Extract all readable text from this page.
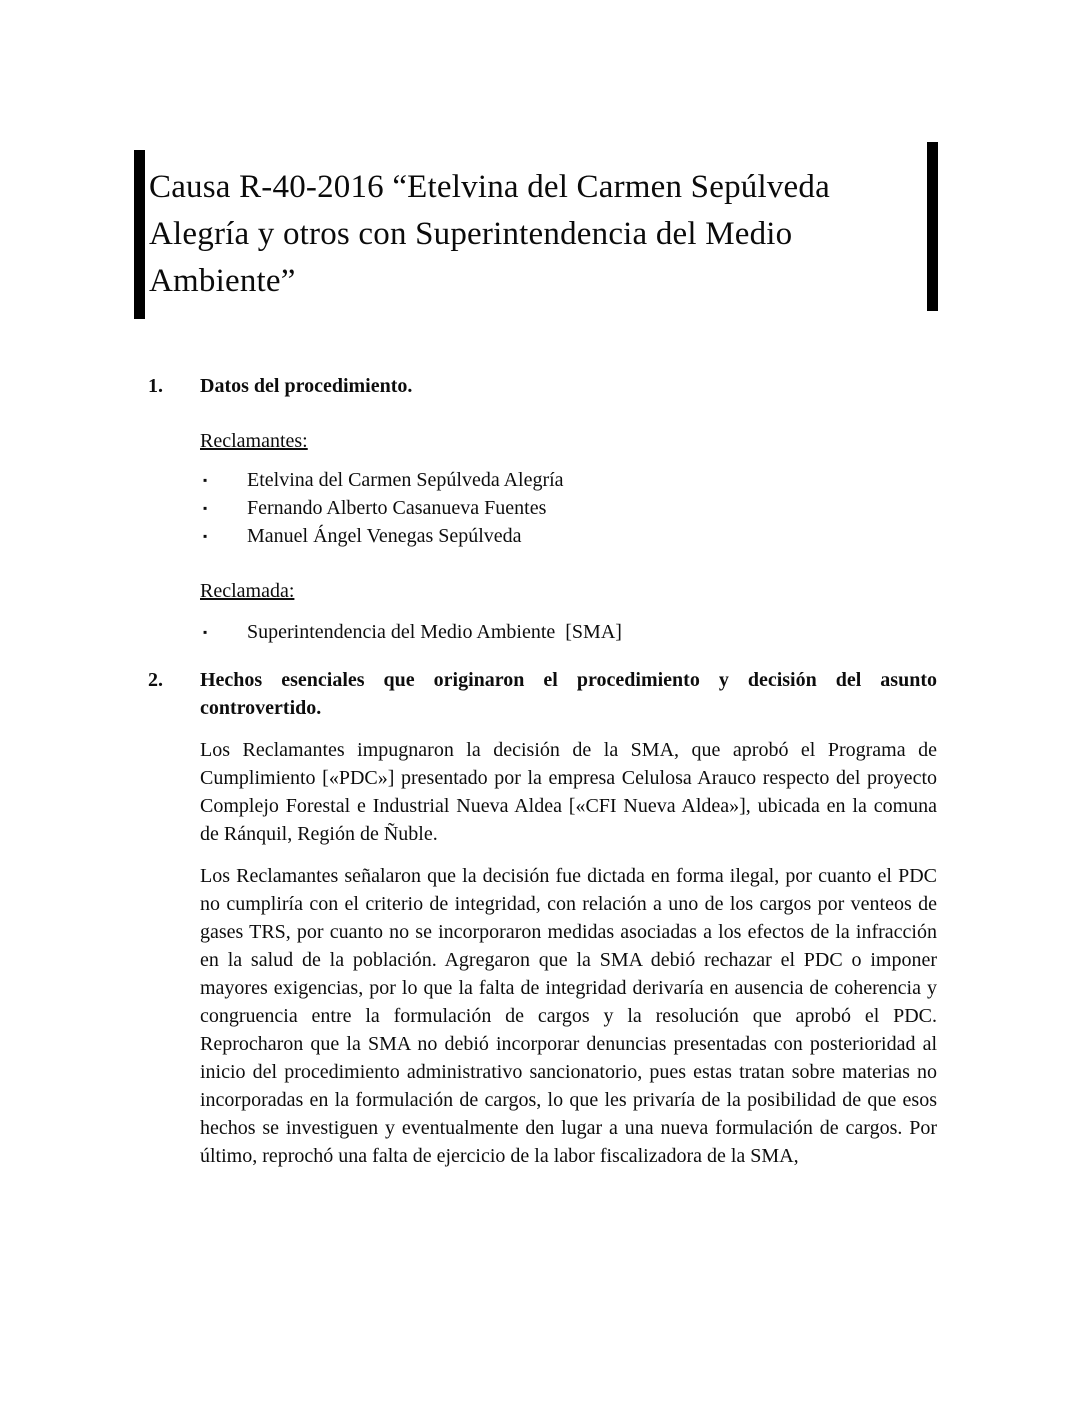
Causa R-40-2016 “Etelvina del Carmen Sepúlveda Alegría y otros con Superintendencia del Medio Ambiente”
1.	Datos del procedimiento.

Reclamantes:

▪	Etelvina del Carmen Sepúlveda Alegría
▪	Fernando Alberto Casanueva Fuentes
▪	Manuel Ángel Venegas Sepúlveda

Reclamada:

▪	Superintendencia del Medio Ambiente  [SMA]
2.	Hechos esenciales que originaron el procedimiento y decisión del asunto controvertido.

Los Reclamantes impugnaron la decisión de la SMA, que aprobó el Programa de Cumplimiento [«PDC»] presentado por la empresa Celulosa Arauco respecto del proyecto Complejo Forestal e Industrial Nueva Aldea [«CFI Nueva Aldea»], ubicada en la comuna de Ránquil, Región de Ñuble.

Los Reclamantes señalaron que la decisión fue dictada en forma ilegal, por cuanto el PDC no cumpliría con el criterio de integridad, con relación a uno de los cargos por venteos de gases TRS, por cuanto no se incorporaron medidas asociadas a los efectos de la infracción en la salud de la población. Agregaron que la SMA debió rechazar el PDC o imponer mayores exigencias, por lo que la falta de integridad derivaría en ausencia de coherencia y congruencia entre la formulación de cargos y la resolución que aprobó el PDC. Reprocharon que la SMA no debió incorporar denuncias presentadas con posterioridad al inicio del procedimiento administrativo sancionatorio, pues estas tratan sobre materias no incorporadas en la formulación de cargos, lo que les privaría de la posibilidad de que esos hechos se investiguen y eventualmente den lugar a una nueva formulación de cargos. Por último, reprochó una falta de ejercicio de la labor fiscalizadora de la SMA,
